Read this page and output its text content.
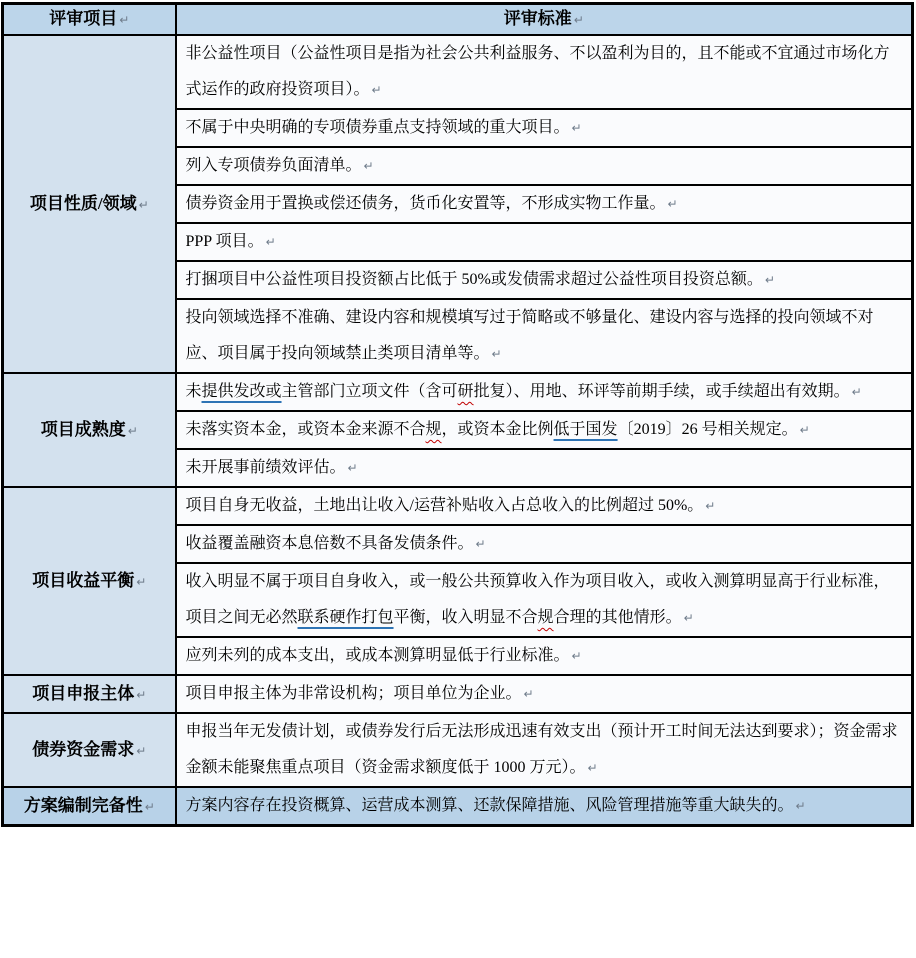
评审项目 ↵	评审标准 ↵
项目性质/领域 ↵	非公益性项目（公益性项目是指为社会公共利益服务、不以盈利为目的，且不能或不宜通过市场化方式运作的政府投资项目）。 ↵
	不属于中央明确的专项债券重点支持领域的重大项目。 ↵
	列入专项债券负面清单。 ↵
	债券资金用于置换或偿还债务，货币化安置等，不形成实物工作量。 ↵
	PPP 项目。 ↵
	打捆项目中公益性项目投资额占比低于 50%或发债需求超过公益性项目投资总额。 ↵
	投向领域选择不准确、建设内容和规模填写过于简略或不够量化、建设内容与选择的投向领域不对应、项目属于投向领域禁止类项目清单等。 ↵
项目成熟度 ↵	未提供发改或主管部门立项文件（含可研批复）、用地、环评等前期手续，或手续超出有效期。 ↵
	未落实资本金，或资本金来源不合规，或资本金比例低于国发〔2019〕26 号相关规定。 ↵
	未开展事前绩效评估。 ↵
项目收益平衡 ↵	项目自身无收益，土地出让收入/运营补贴收入占总收入的比例超过 50%。 ↵
	收益覆盖融资本息倍数不具备发债条件。 ↵
	收入明显不属于项目自身收入，或一般公共预算收入作为项目收入，或收入测算明显高于行业标准，项目之间无必然联系硬作打包平衡，收入明显不合规合理的其他情形。 ↵
	应列未列的成本支出，或成本测算明显低于行业标准。 ↵
项目申报主体 ↵	项目申报主体为非常设机构；项目单位为企业。 ↵
债券资金需求 ↵	申报当年无发债计划，或债券发行后无法形成迅速有效支出（预计开工时间无法达到要求）；资金需求金额未能聚焦重点项目（资金需求额度低于 1000 万元）。 ↵
方案编制完备性 ↵	方案内容存在投资概算、运营成本测算、还款保障措施、风险管理措施等重大缺失的。 ↵
